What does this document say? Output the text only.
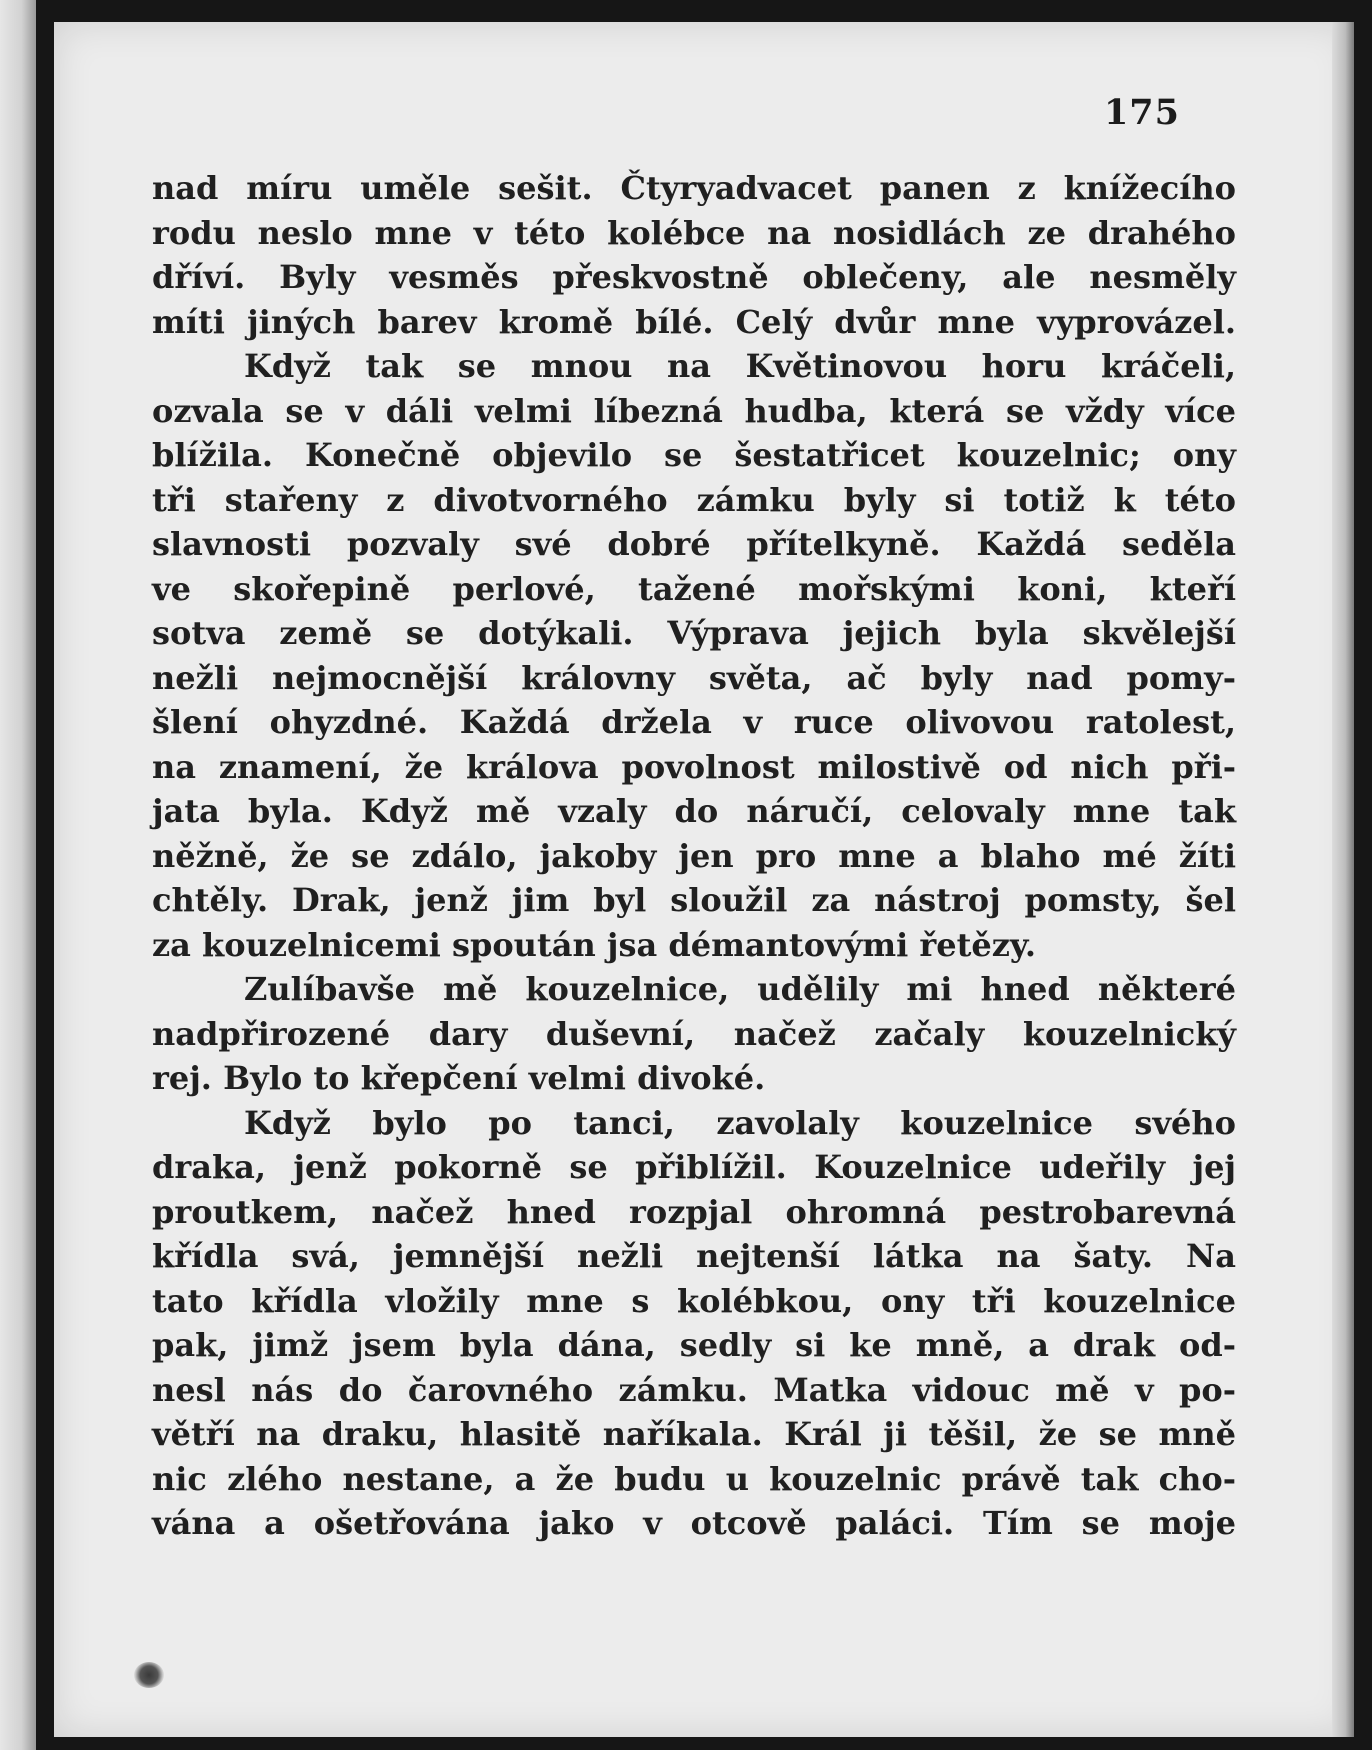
175
nad míru uměle sešit. Čtyryadvacet panen z knížecího
rodu neslo mne v této kolébce na nosidlách ze drahého
dříví. Byly vesměs přeskvostně oblečeny, ale nesměly
míti jiných barev kromě bílé. Celý dvůr mne vyprovázel.
Když tak se mnou na Květinovou horu kráčeli,
ozvala se v dáli velmi líbezná hudba, která se vždy více
blížila. Konečně objevilo se šestatřicet kouzelnic; ony
tři stařeny z divotvorného zámku byly si totiž k této
slavnosti pozvaly své dobré přítelkyně. Každá seděla
ve skořepině perlové, tažené mořskými koni, kteří
sotva země se dotýkali. Výprava jejich byla skvělejší
nežli nejmocnější královny světa, ač byly nad pomy-
šlení ohyzdné. Každá držela v ruce olivovou ratolest,
na znamení, že králova povolnost milostivě od nich při-
jata byla. Když mě vzaly do náručí, celovaly mne tak
něžně, že se zdálo, jakoby jen pro mne a blaho mé žíti
chtěly. Drak, jenž jim byl sloužil za nástroj pomsty, šel
za kouzelnicemi spoután jsa démantovými řetězy.
Zulíbavše mě kouzelnice, udělily mi hned některé
nadpřirozené dary duševní, načež začaly kouzelnický
rej. Bylo to křepčení velmi divoké.
Když bylo po tanci, zavolaly kouzelnice svého
draka, jenž pokorně se přiblížil. Kouzelnice udeřily jej
proutkem, načež hned rozpjal ohromná pestrobarevná
křídla svá, jemnější nežli nejtenší látka na šaty. Na
tato křídla vložily mne s kolébkou, ony tři kouzelnice
pak, jimž jsem byla dána, sedly si ke mně, a drak od-
nesl nás do čarovného zámku. Matka vidouc mě v po-
větří na draku, hlasitě naříkala. Král ji těšil, že se mně
nic zlého nestane, a že budu u kouzelnic právě tak cho-
vána a ošetřována jako v otcově paláci. Tím se moje
